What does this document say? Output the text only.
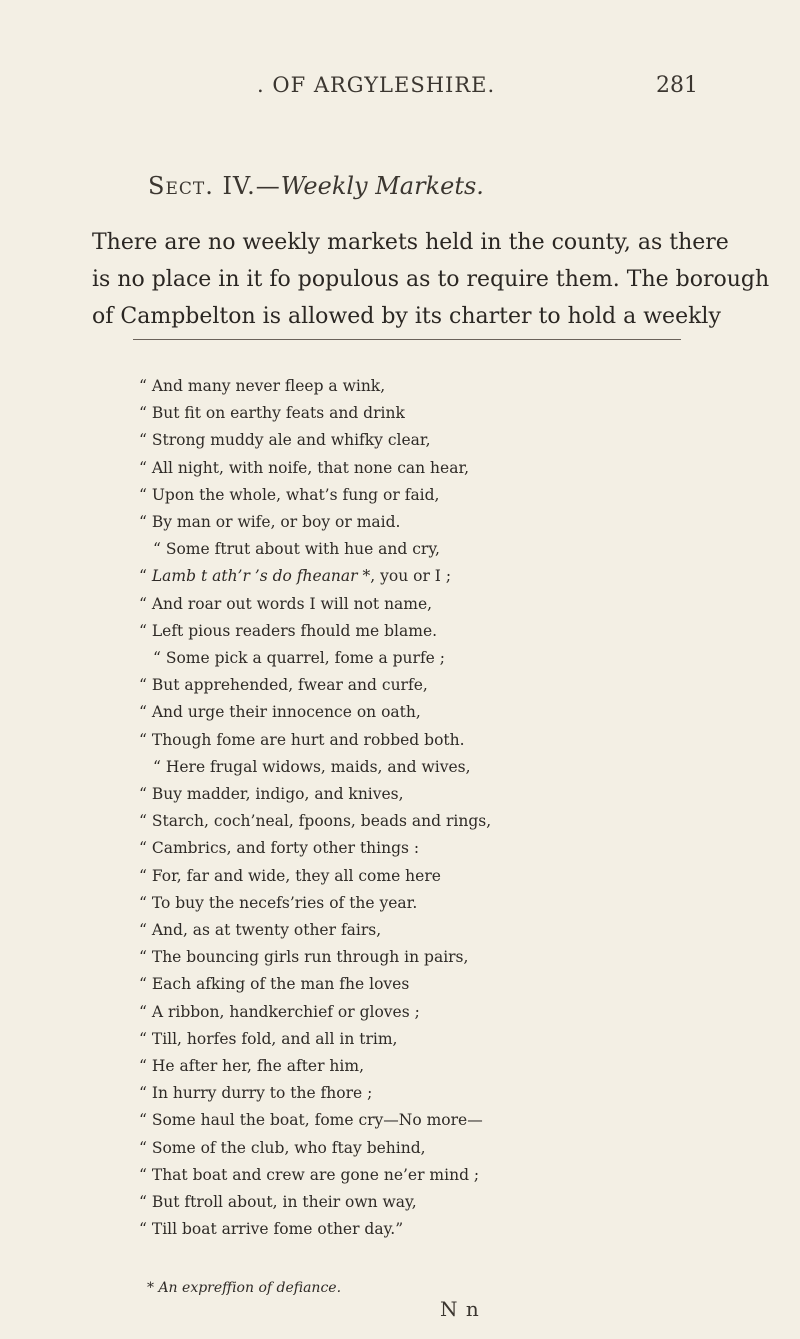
. OF ARGYLESHIRE.	281
Sect. IV.—Weekly Markets.
There are no weekly markets held in the county, as there
is no place in it fo populous as to require them. The borough
of Campbelton is allowed by its charter to hold a weekly
“ And many never fleep a wink,
“ But fit on earthy feats and drink
“ Strong muddy ale and whifky clear,
“ All night, with noife, that none can hear,
“ Upon the whole, what’s fung or faid,
“ By man or wife, or boy or maid.
“ Some ftrut about with hue and cry,
“ Lamb t ath’r ’s do fheanar *, you or I ;
“ And roar out words I will not name,
“ Left pious readers fhould me blame.
“ Some pick a quarrel, fome a purfe ;
“ But apprehended, fwear and curfe,
“ And urge their innocence on oath,
“ Though fome are hurt and robbed both.
“ Here frugal widows, maids, and wives,
“ Buy madder, indigo, and knives,
“ Starch, coch’neal, fpoons, beads and rings,
“ Cambrics, and forty other things :
“ For, far and wide, they all come here
“ To buy the necefs’ries of the year.
“ And, as at twenty other fairs,
“ The bouncing girls run through in pairs,
“ Each afking of the man fhe loves
“ A ribbon, handkerchief or gloves ;
“ Till, horfes fold, and all in trim,
“ He after her, fhe after him,
“ In hurry durry to the fhore ;
“ Some haul the boat, fome cry—No more—
“ Some of the club, who ftay behind,
“ That boat and crew are gone ne’er mind ;
“ But ftroll about, in their own way,
“ Till boat arrive fome other day.”
* An expreffion of defiance.
N n
